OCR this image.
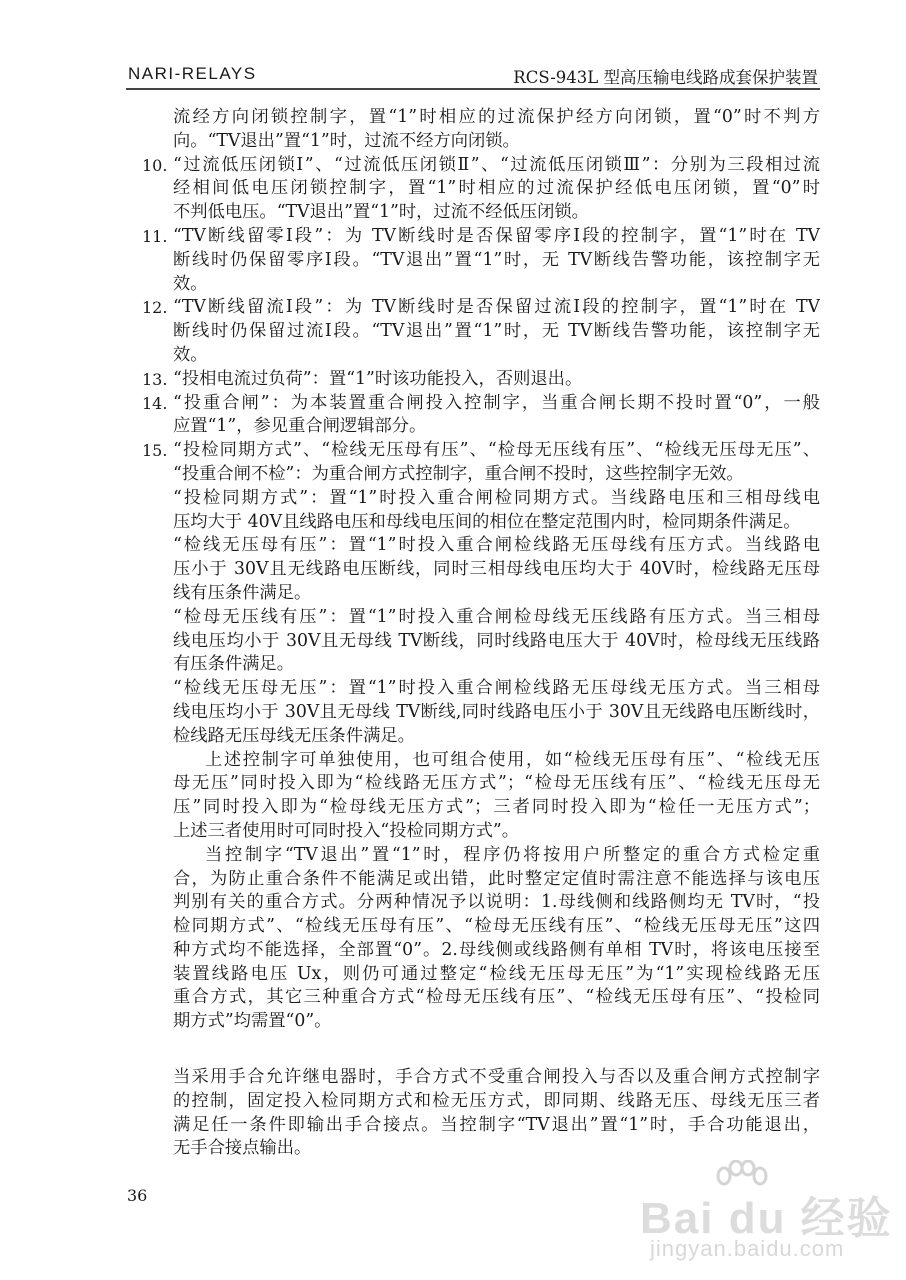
NARI-RELAYS	RCS-943L 型高压输电线路成套保护装置
流经方向闭锁控制字，置“1”时相应的过流保护经方向闭锁，置“0”时不判方
向。“TV退出”置“1”时，过流不经方向闭锁。
10. “过流低压闭锁Ⅰ”、“过流低压闭锁Ⅱ”、“过流低压闭锁Ⅲ”：分别为三段相过流
经相间低电压闭锁控制字，置“1”时相应的过流保护经低电压闭锁，置“0”时
不判低电压。“TV退出”置“1”时，过流不经低压闭锁。
11. “TV断线留零Ⅰ段”：为 TV断线时是否保留零序Ⅰ段的控制字，置“1”时在 TV
断线时仍保留零序Ⅰ段。“TV退出”置“1”时，无 TV断线告警功能，该控制字无
效。
12. “TV断线留流Ⅰ段”：为 TV断线时是否保留过流Ⅰ段的控制字，置“1”时在 TV
断线时仍保留过流Ⅰ段。“TV退出”置“1”时，无 TV断线告警功能，该控制字无
效。
13. “投相电流过负荷”：置“1”时该功能投入，否则退出。
14. “投重合闸”：为本装置重合闸投入控制字，当重合闸长期不投时置“0”，一般
应置“1”，参见重合闸逻辑部分。
15. “投检同期方式”、“检线无压母有压”、“检母无压线有压”、“检线无压母无压”、
“投重合闸不检”：为重合闸方式控制字，重合闸不投时，这些控制字无效。
“投检同期方式”：置“1”时投入重合闸检同期方式。当线路电压和三相母线电
压均大于 40V且线路电压和母线电压间的相位在整定范围内时，检同期条件满足。
“检线无压母有压”：置“1”时投入重合闸检线路无压母线有压方式。当线路电
压小于 30V且无线路电压断线，同时三相母线电压均大于 40V时，检线路无压母
线有压条件满足。
“检母无压线有压”：置“1”时投入重合闸检母线无压线路有压方式。当三相母
线电压均小于 30V且无母线 TV断线，同时线路电压大于 40V时，检母线无压线路
有压条件满足。
“检线无压母无压”：置“1”时投入重合闸检线路无压母线无压方式。当三相母
线电压均小于 30V且无母线 TV断线,同时线路电压小于 30V且无线路电压断线时，
检线路无压母线无压条件满足。
上述控制字可单独使用，也可组合使用，如“检线无压母有压”、“检线无压
母无压”同时投入即为“检线路无压方式”；“检母无压线有压”、“检线无压母无
压”同时投入即为“检母线无压方式”；三者同时投入即为“检任一无压方式”；
上述三者使用时可同时投入“投检同期方式”。
当控制字“TV退出”置“1”时，程序仍将按用户所整定的重合方式检定重
合，为防止重合条件不能满足或出错，此时整定定值时需注意不能选择与该电压
判别有关的重合方式。分两种情况予以说明：1.母线侧和线路侧均无 TV时，“投
检同期方式”、“检线无压母有压”、“检母无压线有压”、“检线无压母无压”这四
种方式均不能选择，全部置“0”。2.母线侧或线路侧有单相 TV时，将该电压接至
装置线路电压 Ux，则仍可通过整定“检线无压母无压”为“1”实现检线路无压
重合方式，其它三种重合方式“检母无压线有压”、“检线无压母有压”、“投检同
期方式”均需置“0”。
当采用手合允许继电器时，手合方式不受重合闸投入与否以及重合闸方式控制字
的控制，固定投入检同期方式和检无压方式，即同期、线路无压、母线无压三者
满足任一条件即输出手合接点。当控制字“TV退出”置“1”时，手合功能退出，
无手合接点输出。
36	Bai du 经验
jingyan.baidu.com
